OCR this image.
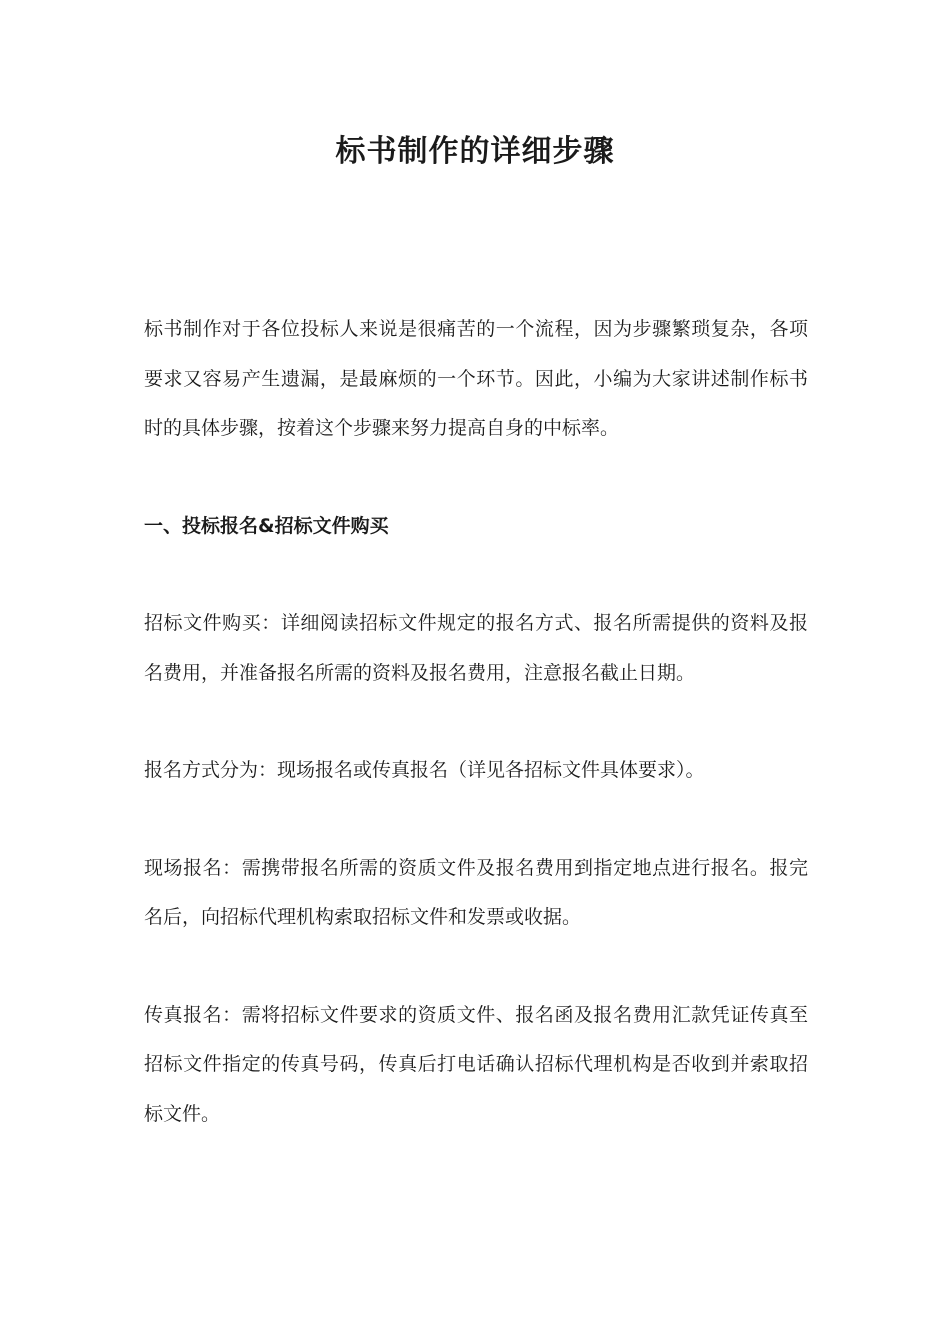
标书制作的详细步骤

标书制作对于各位投标人来说是很痛苦的一个流程，因为步骤繁琐复杂，各项要求又容易产生遗漏，是最麻烦的一个环节。因此，小编为大家讲述制作标书时的具体步骤，按着这个步骤来努力提高自身的中标率。

一、投标报名&招标文件购买

招标文件购买：详细阅读招标文件规定的报名方式、报名所需提供的资料及报名费用，并准备报名所需的资料及报名费用，注意报名截止日期。

报名方式分为：现场报名或传真报名（详见各招标文件具体要求）。

现场报名：需携带报名所需的资质文件及报名费用到指定地点进行报名。报完名后，向招标代理机构索取招标文件和发票或收据。

传真报名：需将招标文件要求的资质文件、报名函及报名费用汇款凭证传真至招标文件指定的传真号码，传真后打电话确认招标代理机构是否收到并索取招标文件。
